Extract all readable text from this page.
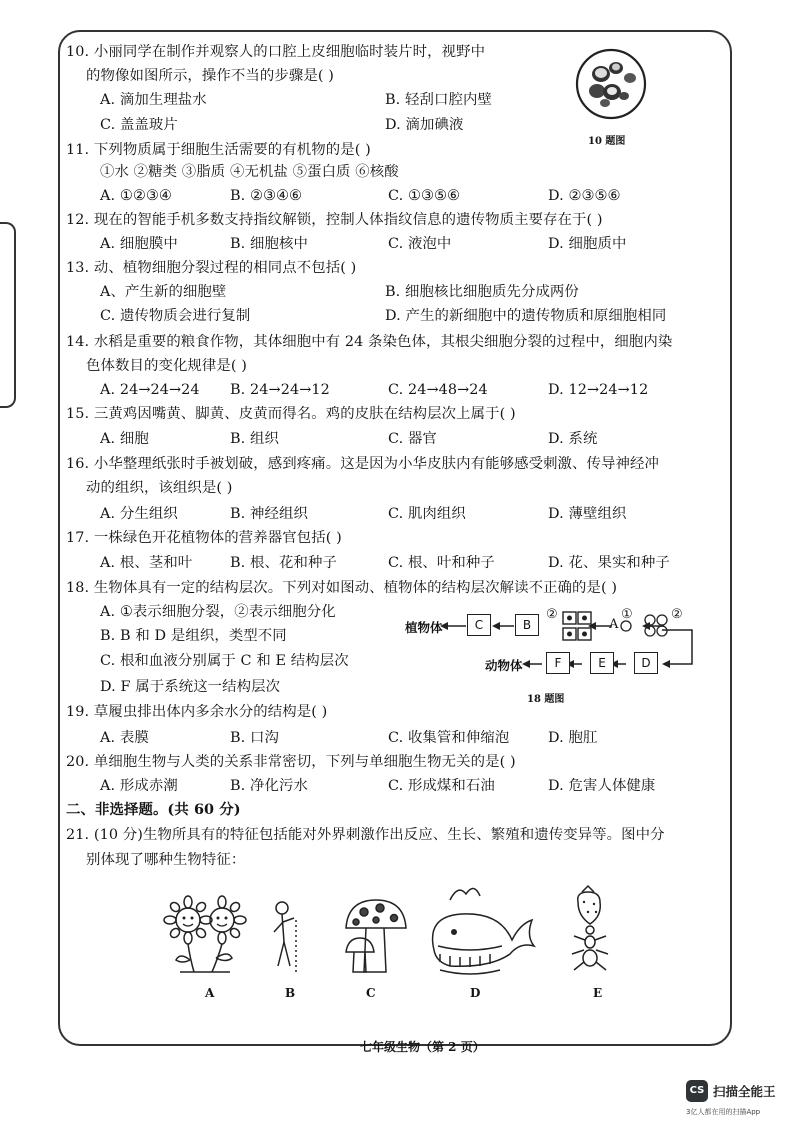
10. 小丽同学在制作并观察人的口腔上皮细胞临时装片时，视野中
的物像如图所示，操作不当的步骤是( )
A. 滴加生理盐水	B. 轻刮口腔内壁
C. 盖盖玻片	D. 滴加碘液
10 题图
11. 下列物质属于细胞生活需要的有机物的是( )
①水 ②糖类 ③脂质 ④无机盐 ⑤蛋白质 ⑥核酸
A. ①②③④	B. ②③④⑥	C. ①③⑤⑥	D. ②③⑤⑥
12. 现在的智能手机多数支持指纹解锁，控制人体指纹信息的遗传物质主要存在于( )
A. 细胞膜中	B. 细胞核中	C. 液泡中	D. 细胞质中
13. 动、植物细胞分裂过程的相同点不包括( )
A、产生新的细胞壁	B. 细胞核比细胞质先分成两份
C. 遗传物质会进行复制	D. 产生的新细胞中的遗传物质和原细胞相同
14. 水稻是重要的粮食作物，其体细胞中有 24 条染色体，其根尖细胞分裂的过程中，细胞内染
色体数目的变化规律是( )
A. 24→24→24 B. 24→24→12	C. 24→48→24	D. 12→24→12
15. 三黄鸡因嘴黄、脚黄、皮黄而得名。鸡的皮肤在结构层次上属于( )
A. 细胞	B. 组织	C. 器官	D. 系统
16. 小华整理纸张时手被划破，感到疼痛。这是因为小华皮肤内有能够感受刺激、传导神经冲
动的组织，该组织是( )
A. 分生组织	B. 神经组织	C. 肌肉组织	D. 薄壁组织
17. 一株绿色开花植物体的营养器官包括( )
A. 根、茎和叶	B. 根、花和种子	C. 根、叶和种子	D. 花、果实和种子
18. 生物体具有一定的结构层次。下列对如图动、植物体的结构层次解读不正确的是( )
A. ①表示细胞分裂，②表示细胞分化
B. B 和 D 是组织，类型不同
C. 根和血液分别属于 C 和 E 结构层次
D. F 属于系统这一结构层次
植物体	C	B
②
A
①	②
动物体	F	E	D
18 题图
19. 草履虫排出体内多余水分的结构是( )
A. 表膜	B. 口沟	C. 收集管和伸缩泡	D. 胞肛
20. 单细胞生物与人类的关系非常密切，下列与单细胞生物无关的是( )
A. 形成赤潮	B. 净化污水	C. 形成煤和石油	D. 危害人体健康
二、非选择题。(共 60 分)
21. (10 分)生物所具有的特征包括能对外界刺激作出反应、生长、繁殖和遗传变异等。图中分
别体现了哪种生物特征：
A	B	C	D	E
七年级生物（第 2 页）
CS 扫描全能王
3亿人都在用的扫描App
